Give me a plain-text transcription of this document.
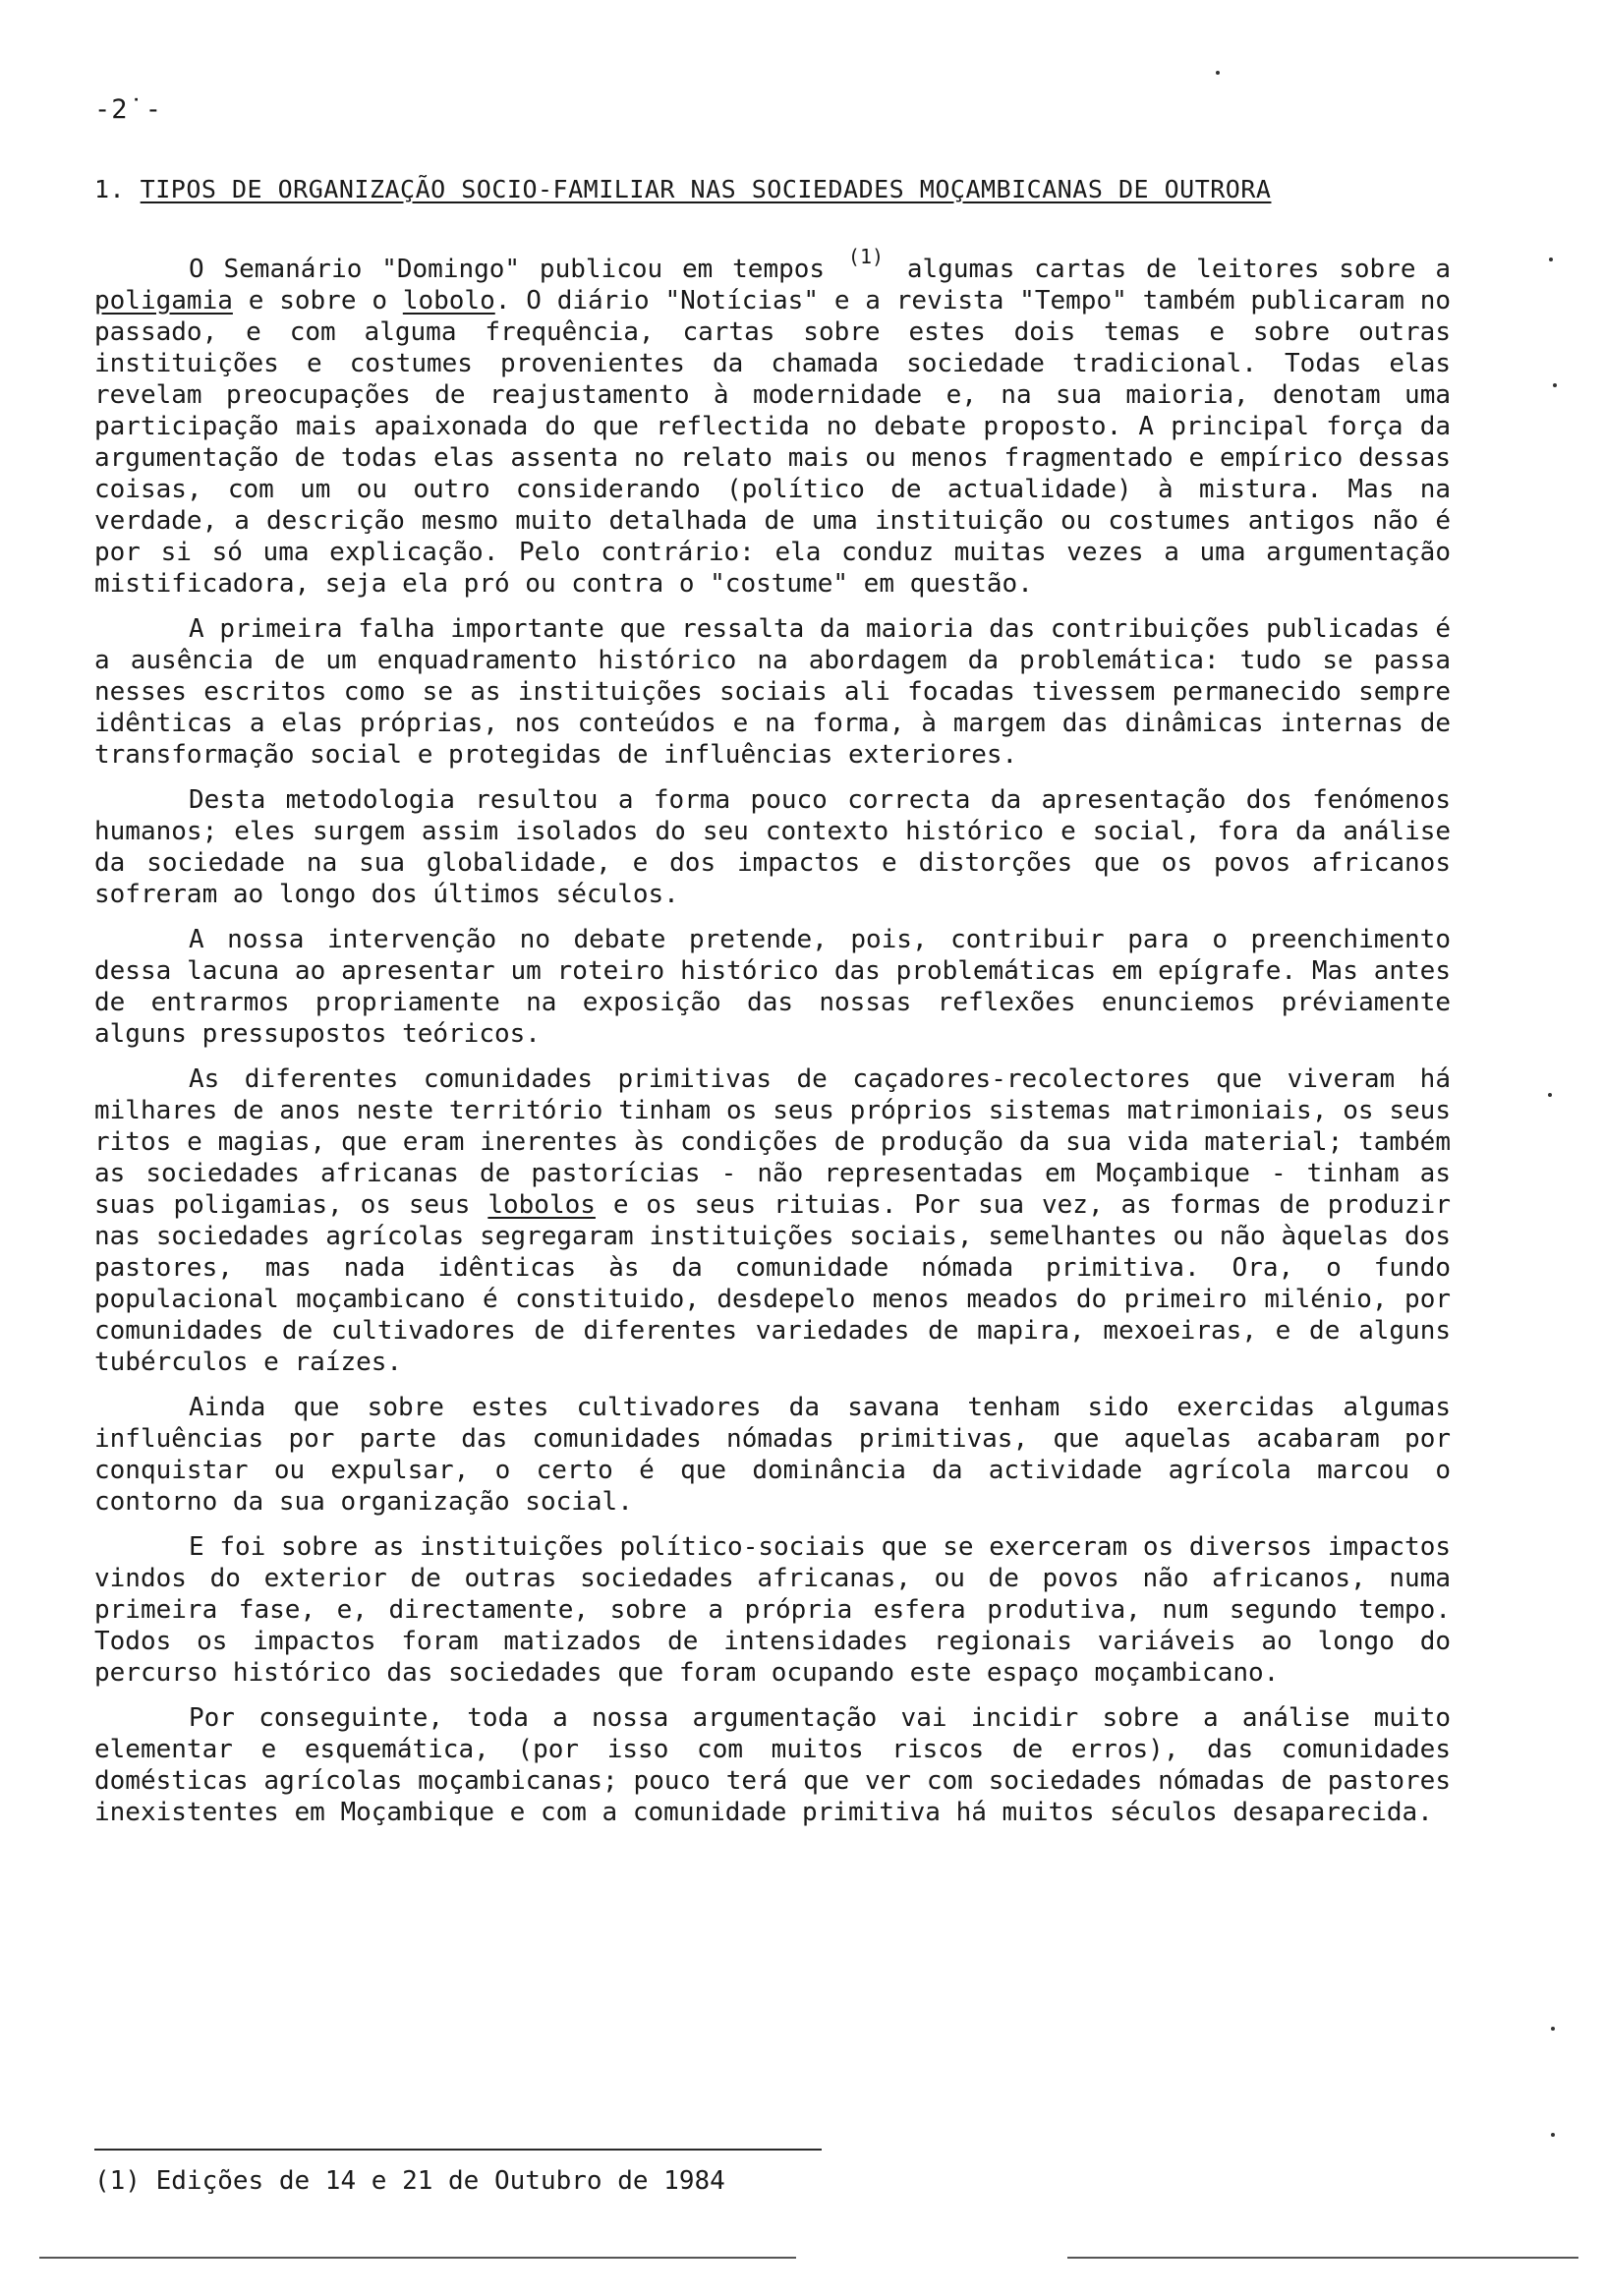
-2˙-
1. TIPOS DE ORGANIZAÇÃO SOCIO-FAMILIAR NAS SOCIEDADES MOÇAMBICANAS DE OUTRORA

O Semanário "Domingo" publicou em tempos $^{(1)}$ algumas cartas de leitores sobre a poligamia e sobre o lobolo. O diário "Notícias" e a revista "Tempo" também publicaram no passado, e com alguma frequência, cartas sobre estes dois temas e sobre outras instituições e costumes provenientes da chamada sociedade tradicional. Todas elas revelam preocupações de reajustamento à modernidade e, na sua maioria, denotam uma participação mais apaixonada do que reflectida no debate proposto. A principal força da argumentação de todas elas assenta no relato mais ou menos fragmentado e empírico dessas coisas, com um ou outro considerando (político de actualidade) à mistura. Mas na verdade, a descrição mesmo muito detalhada de uma instituição ou costumes antigos não é por si só uma explicação. Pelo contrário: ela conduz muitas vezes a uma argumentação mistificadora, seja ela pró ou contra o "costume" em questão.

A primeira falha importante que ressalta da maioria das contribuições publicadas é a ausência de um enquadramento histórico na abordagem da problemática: tudo se passa nesses escritos como se as instituições sociais ali focadas tivessem permanecido sempre idênticas a elas próprias, nos conteúdos e na forma, à margem das dinâmicas internas de transformação social e protegidas de influências exteriores.

Desta metodologia resultou a forma pouco correcta da apresentação dos fenómenos humanos; eles surgem assim isolados do seu contexto histórico e social, fora da análise da sociedade na sua globalidade, e dos impactos e distorções que os povos africanos sofreram ao longo dos últimos séculos.

A nossa intervenção no debate pretende, pois, contribuir para o preenchimento dessa lacuna ao apresentar um roteiro histórico das problemáticas em epígrafe. Mas antes de entrarmos propriamente na exposição das nossas reflexões enunciemos préviamente alguns pressupostos teóricos.

As diferentes comunidades primitivas de caçadores-recolectores que viveram há milhares de anos neste território tinham os seus próprios sistemas matrimoniais, os seus ritos e magias, que eram inerentes às condições de produção da sua vida material; também as sociedades africanas de pastorícias - não representadas em Moçambique - tinham as suas poligamias, os seus lobolos e os seus rituias. Por sua vez, as formas de produzir nas sociedades agrícolas segregaram instituições sociais, semelhantes ou não àquelas dos pastores, mas nada idênticas às da comunidade nómada primitiva. Ora, o fundo populacional moçambicano é constituido, desdepelo menos meados do primeiro milénio, por comunidades de cultivadores de diferentes variedades de mapira, mexoeiras, e de alguns tubérculos e raízes.

Ainda que sobre estes cultivadores da savana tenham sido exercidas algumas influências por parte das comunidades nómadas primitivas, que aquelas acabaram por conquistar ou expulsar, o certo é que dominância da actividade agrícola marcou o contorno da sua organização social.

E foi sobre as instituições político-sociais que se exerceram os diversos impactos vindos do exterior de outras sociedades africanas, ou de povos não africanos, numa primeira fase, e, directamente, sobre a própria esfera produtiva, num segundo tempo. Todos os impactos foram matizados de intensidades regionais variáveis ao longo do percurso histórico das sociedades que foram ocupando este espaço moçambicano.

Por conseguinte, toda a nossa argumentação vai incidir sobre a análise muito elementar e esquemática, (por isso com muitos riscos de erros), das comunidades domésticas agrícolas moçambicanas; pouco terá que ver com sociedades nómadas de pastores inexistentes em Moçambique e com a comunidade primitiva há muitos séculos desaparecida.

(1) Edições de 14 e 21 de Outubro de 1984
